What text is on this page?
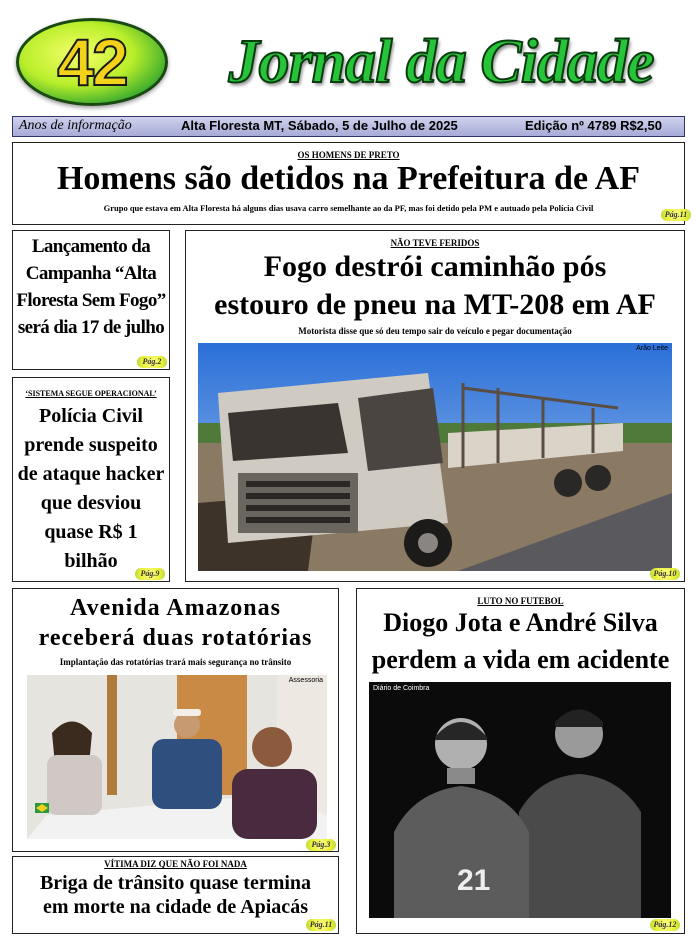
42	Jornal da Cidade
Anos de informação	Alta Floresta MT, Sábado, 5 de Julho de 2025	Edição nº 4789 R$2,50
OS HOMENS DE PRETO
Homens são detidos na Prefeitura de AF
Grupo que estava em Alta Floresta há alguns dias usava carro semelhante ao da PF, mas foi detido pela PM e autuado pela Polícia Civil
Pág.11
Lançamento da Campanha “Alta Floresta Sem Fogo” será dia 17 de julho
Pág.2
‘SISTEMA SEGUE OPERACIONAL’
Polícia Civil prende suspeito de ataque hacker que desviou quase R$ 1 bilhão
Pág.9
NÃO TEVE FERIDOS
Fogo destrói caminhão pós
estouro de pneu na MT-208 em AF
Motorista disse que só deu tempo sair do veículo e pegar documentação
Arão Leite
Pág.10
Avenida Amazonas
receberá duas rotatórias
Implantação das rotatórias trará mais segurança no trânsito
Assessoria
Pág.3
LUTO NO FUTEBOL
Diogo Jota e André Silva
perdem a vida em acidente
Diário de Coimbra
21
Pág.12
VÍTIMA DIZ QUE NÃO FOI NADA
Briga de trânsito quase termina
em morte na cidade de Apiacás
Pág.11
